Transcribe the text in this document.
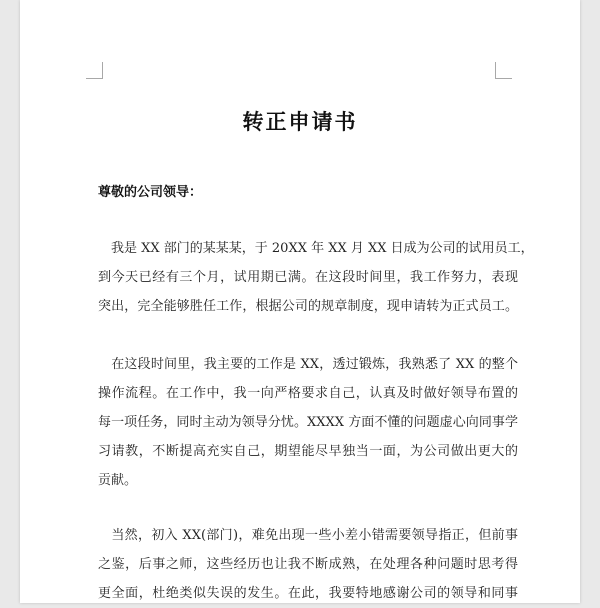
转正申请书

尊敬的公司领导：

　我是 XX 部门的某某某，于 20XX 年 XX 月 XX 日成为公司的试用员工，
到今天已经有三个月，试用期已满。在这段时间里，我工作努力，表现
突出，完全能够胜任工作，根据公司的规章制度，现申请转为正式员工。
　在这段时间里，我主要的工作是 XX，透过锻炼，我熟悉了 XX 的整个
操作流程。在工作中，我一向严格要求自己，认真及时做好领导布置的
每一项任务，同时主动为领导分忧。XXXX 方面不懂的问题虚心向同事学
习请教，不断提高充实自己，期望能尽早独当一面，为公司做出更大的
贡献。
　当然，初入 XX(部门)，难免出现一些小差小错需要领导指正，但前事
之鉴，后事之师，这些经历也让我不断成熟，在处理各种问题时思考得
更全面，杜绝类似失误的发生。在此，我要特地感谢公司的领导和同事
